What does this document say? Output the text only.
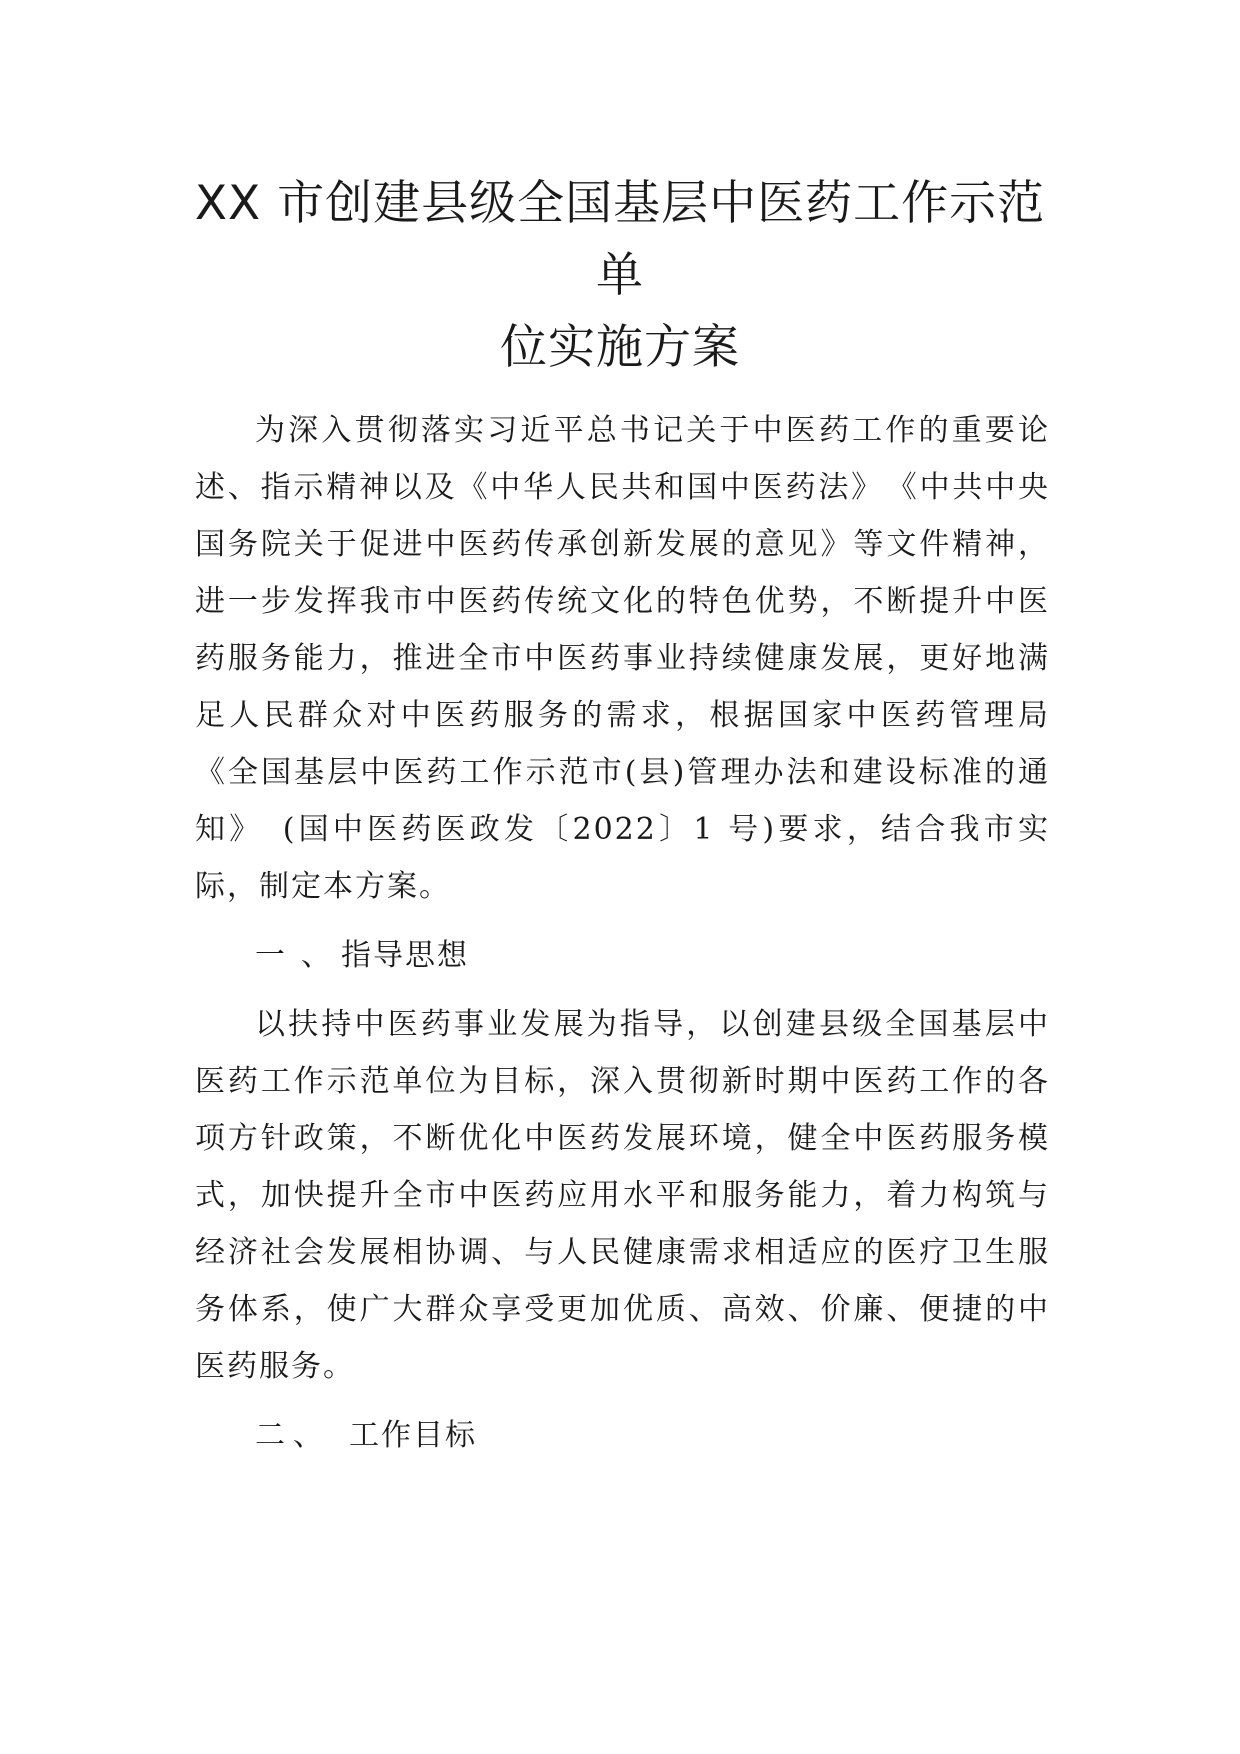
XX 市创建县级全国基层中医药工作示范单
位实施方案

为深入贯彻落实习近平总书记关于中医药工作的重要论述、指示精神以及《中华人民共和国中医药法》　《中共中央国务院关于促进中医药传承创新发展的意见》等文件精神，进一步发挥我市中医药传统文化的特色优势，不断提升中医药服务能力，推进全市中医药事业持续健康发展，更好地满足人民群众对中医药服务的需求，根据国家中医药管理局《全国基层中医药工作示范市(县)管理办法和建设标准的通知》　(国中医药医政发〔2022〕1 号)要求，结合我市实际，制定本方案。

一 、 指导思想

以扶持中医药事业发展为指导，以创建县级全国基层中医药工作示范单位为目标，深入贯彻新时期中医药工作的各项方针政策，不断优化中医药发展环境，健全中医药服务模式，加快提升全市中医药应用水平和服务能力，着力构筑与经济社会发展相协调、与人民健康需求相适应的医疗卫生服务体系，使广大群众享受更加优质、高效、价廉、便捷的中医药服务。

二 、 工作目标
